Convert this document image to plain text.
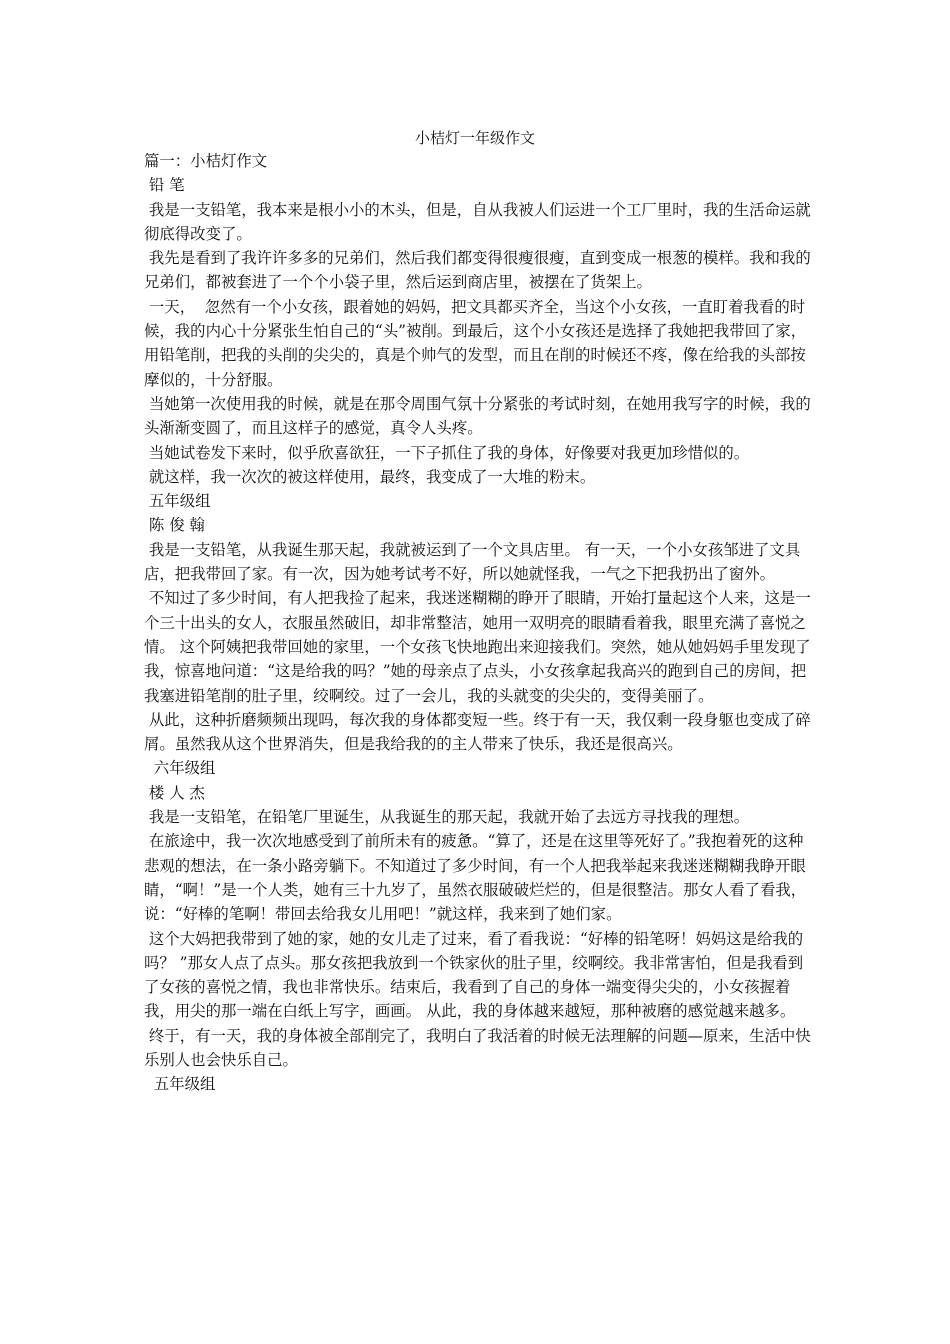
小桔灯一年级作文

篇一：小桔灯作文

铅 笔

我是一支铅笔，我本来是根小小的木头，但是，自从我被人们运进一个工厂里时，我的生活命运就彻底得改变了。

我先是看到了我许许多多的兄弟们，然后我们都变得很瘦很瘦，直到变成一根葱的模样。我和我的兄弟们，都被套进了一个个小袋子里，然后运到商店里，被摆在了货架上。

一天，  忽然有一个小女孩，跟着她的妈妈，把文具都买齐全，当这个小女孩，一直盯着我看的时候，我的内心十分紧张生怕自己的“头”被削。到最后，这个小女孩还是选择了我她把我带回了家，用铅笔削，把我的头削的尖尖的，真是个帅气的发型，而且在削的时候还不疼，像在给我的头部按摩似的，十分舒服。

当她第一次使用我的时候，就是在那令周围气氛十分紧张的考试时刻，在她用我写字的时候，我的头渐渐变圆了，而且这样子的感觉，真令人头疼。

当她试卷发下来时，似乎欣喜欲狂，一下子抓住了我的身体，好像要对我更加珍惜似的。

就这样，我一次次的被这样使用，最终，我变成了一大堆的粉末。

五年级组

陈 俊 翰

我是一支铅笔，从我诞生那天起，我就被运到了一个文具店里。 有一天，一个小女孩邹进了文具店，把我带回了家。有一次，因为她考试考不好，所以她就怪我，一气之下把我扔出了窗外。

不知过了多少时间，有人把我捡了起来，我迷迷糊糊的睁开了眼睛，开始打量起这个人来，这是一个三十出头的女人，衣服虽然破旧，却非常整洁，她用一双明亮的眼睛看着我，眼里充满了喜悦之情。 这个阿姨把我带回她的家里，一个女孩飞快地跑出来迎接我们。突然，她从她妈妈手里发现了我，惊喜地问道：“这是给我的吗？”她的母亲点了点头，小女孩拿起我高兴的跑到自己的房间，把我塞进铅笔削的肚子里，绞啊绞。过了一会儿，我的头就变的尖尖的，变得美丽了。

从此，这种折磨频频出现吗，每次我的身体都变短一些。终于有一天，我仅剩一段身躯也变成了碎屑。虽然我从这个世界消失，但是我给我的的主人带来了快乐，我还是很高兴。

六年级组

楼 人 杰

我是一支铅笔，在铅笔厂里诞生，从我诞生的那天起，我就开始了去远方寻找我的理想。

在旅途中，我一次次地感受到了前所未有的疲惫。“算了，还是在这里等死好了。”我抱着死的这种悲观的想法，在一条小路旁躺下。不知道过了多少时间，有一个人把我举起来我迷迷糊糊我睁开眼睛，“啊！”是一个人类，她有三十九岁了，虽然衣服破破烂烂的，但是很整洁。那女人看了看我，说：“好棒的笔啊！带回去给我女儿用吧！”就这样，我来到了她们家。

这个大妈把我带到了她的家，她的女儿走了过来，看了看我说：“好棒的铅笔呀！妈妈这是给我的吗？ ”那女人点了点头。那女孩把我放到一个铁家伙的肚子里，绞啊绞。我非常害怕，但是我看到了女孩的喜悦之情，我也非常快乐。结束后，我看到了自己的身体一端变得尖尖的，小女孩握着我，用尖的那一端在白纸上写字，画画。 从此，我的身体越来越短，那种被磨的感觉越来越多。

终于，有一天，我的身体被全部削完了，我明白了我活着的时候无法理解的问题—原来，生活中快乐别人也会快乐自己。

五年级组
